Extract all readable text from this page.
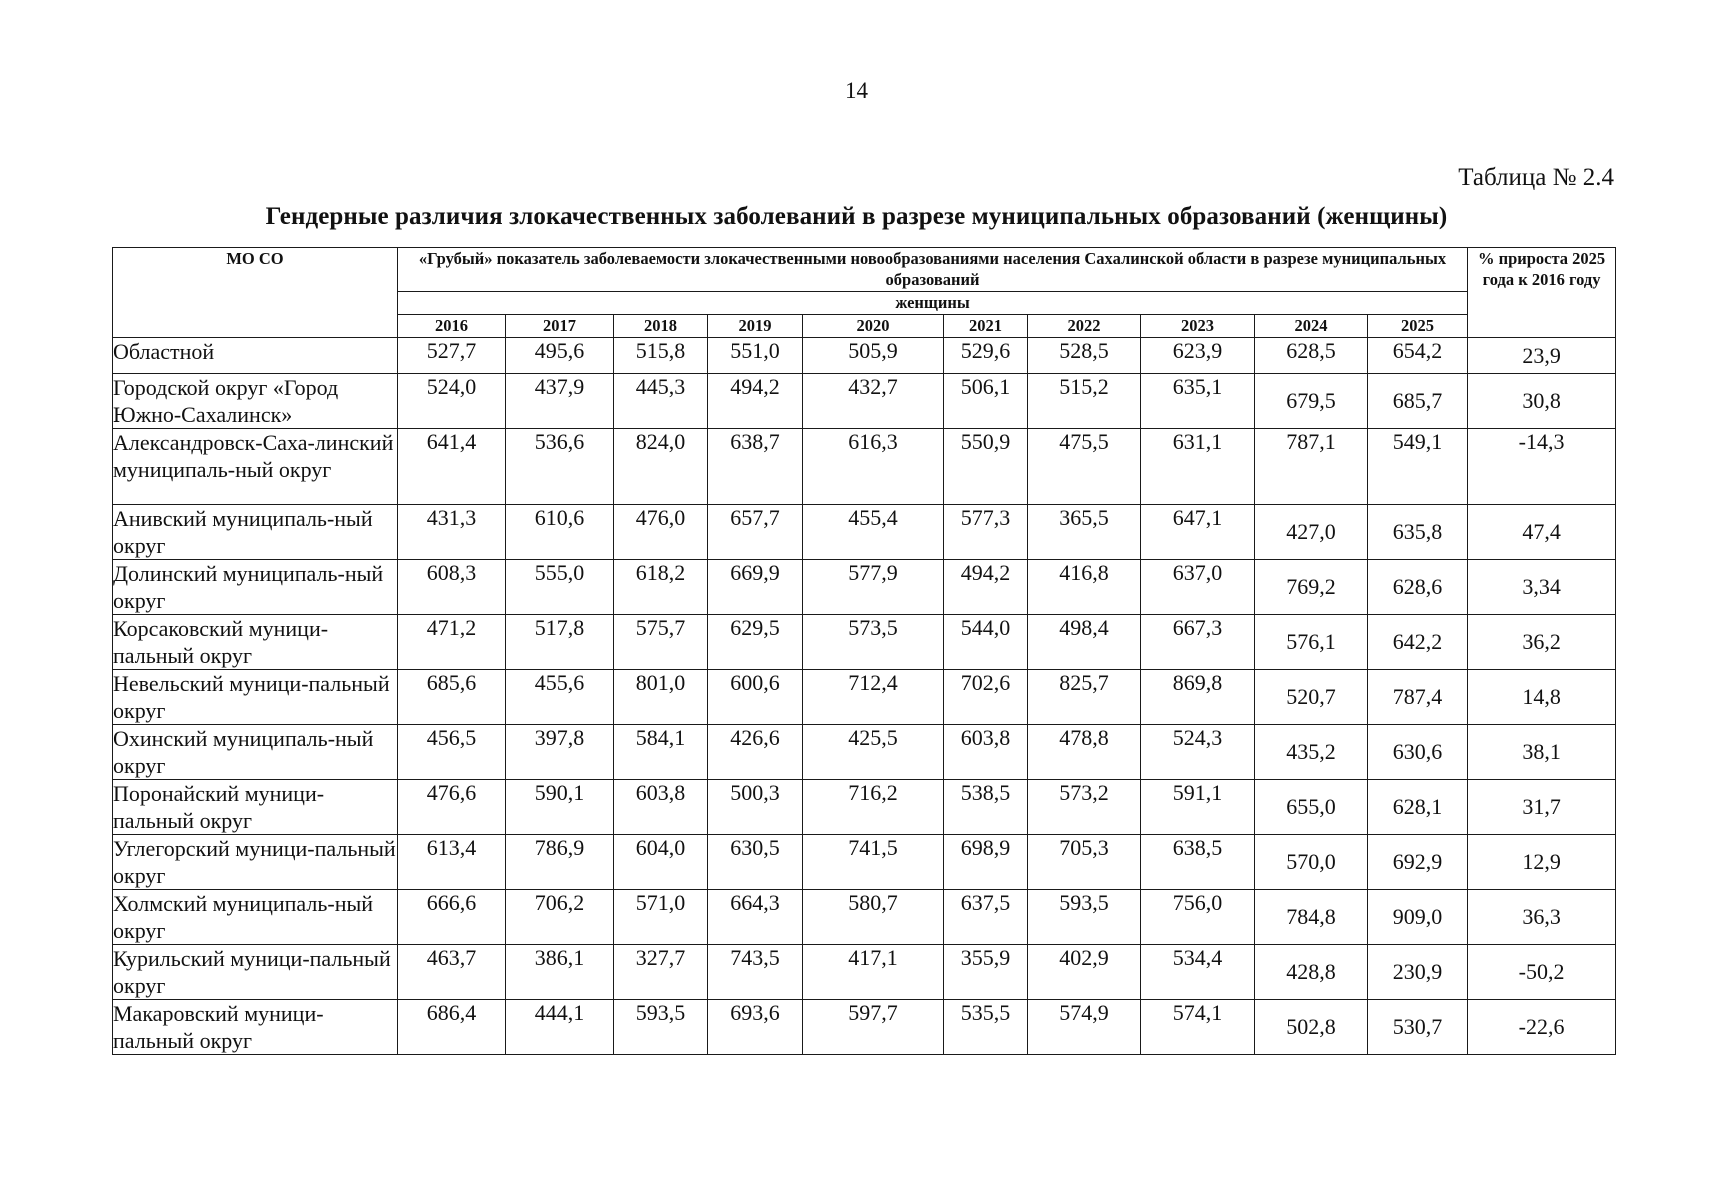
14
Таблица № 2.4
Гендерные различия злокачественных заболеваний в разрезе муниципальных образований (женщины)
МО СО	«Грубый» показатель заболеваемости злокачественными новообразованиями населения Сахалинской области в разрезе муниципальных образований										% прироста 2025 года к 2016 году
	женщины										
	2016	2017	2018	2019	2020	2021	2022	2023	2024	2025	
Областной	527,7	495,6	515,8	551,0	505,9	529,6	528,5	623,9	628,5	654,2	23,9
Городской округ «Город Южно-Сахалинск»	524,0	437,9	445,3	494,2	432,7	506,1	515,2	635,1	679,5	685,7	30,8
Александровск-Саха-линский муниципаль-ный округ	641,4	536,6	824,0	638,7	616,3	550,9	475,5	631,1	787,1	549,1	-14,3
Анивский муниципаль-ный округ	431,3	610,6	476,0	657,7	455,4	577,3	365,5	647,1	427,0	635,8	47,4
Долинский муниципаль-ный округ	608,3	555,0	618,2	669,9	577,9	494,2	416,8	637,0	769,2	628,6	3,34
Корсаковский муници-пальный округ	471,2	517,8	575,7	629,5	573,5	544,0	498,4	667,3	576,1	642,2	36,2
Невельский муници-пальный округ	685,6	455,6	801,0	600,6	712,4	702,6	825,7	869,8	520,7	787,4	14,8
Охинский муниципаль-ный округ	456,5	397,8	584,1	426,6	425,5	603,8	478,8	524,3	435,2	630,6	38,1
Поронайский муници-пальный округ	476,6	590,1	603,8	500,3	716,2	538,5	573,2	591,1	655,0	628,1	31,7
Углегорский муници-пальный округ	613,4	786,9	604,0	630,5	741,5	698,9	705,3	638,5	570,0	692,9	12,9
Холмский муниципаль-ный округ	666,6	706,2	571,0	664,3	580,7	637,5	593,5	756,0	784,8	909,0	36,3
Курильский муници-пальный округ	463,7	386,1	327,7	743,5	417,1	355,9	402,9	534,4	428,8	230,9	-50,2
Макаровский муници-пальный округ	686,4	444,1	593,5	693,6	597,7	535,5	574,9	574,1	502,8	530,7	-22,6
